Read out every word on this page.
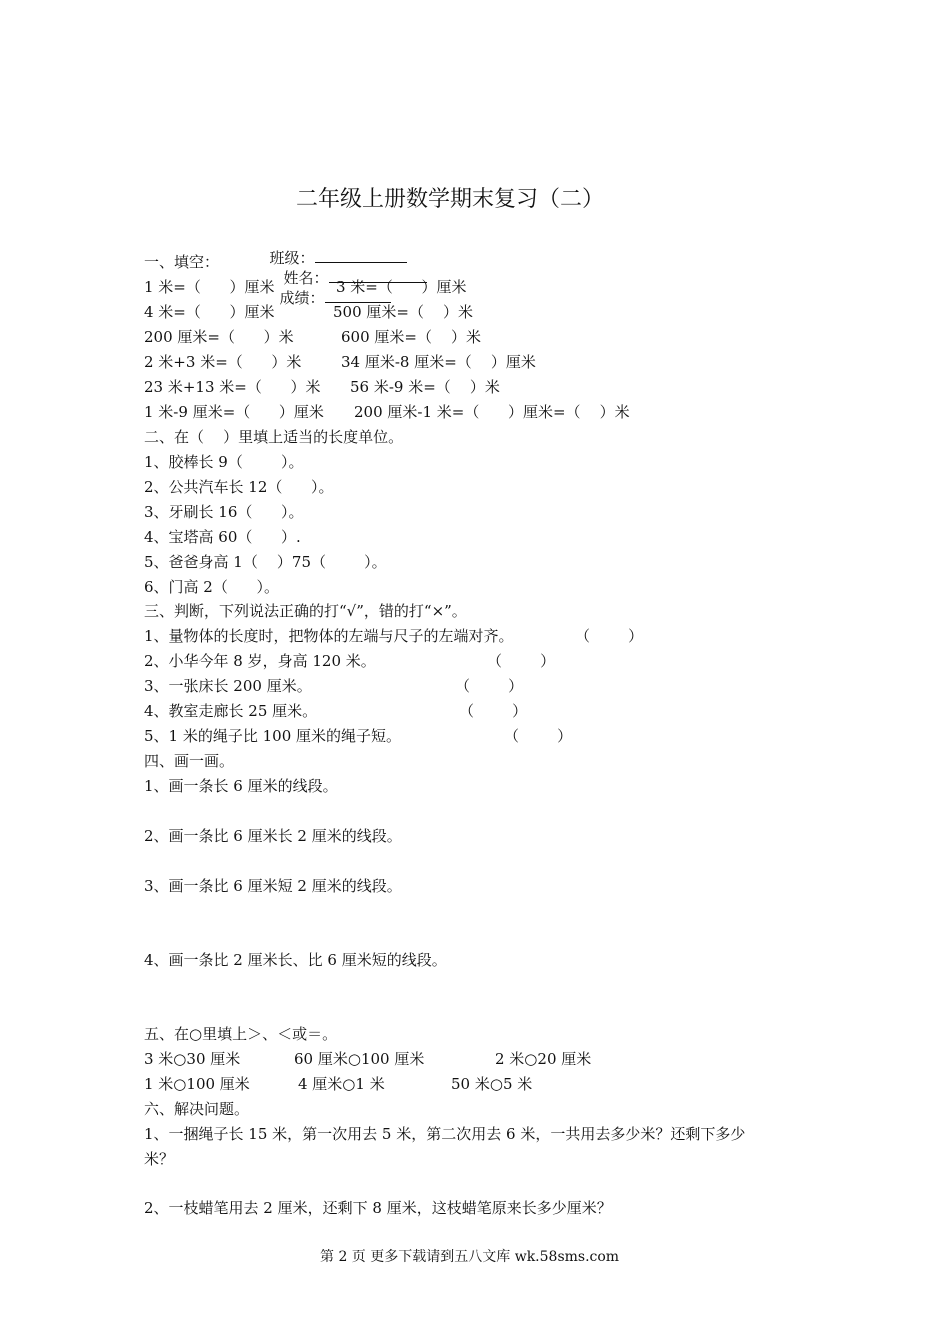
二年级上册数学期末复习（二）

班级：
姓名：
成绩：

一、填空：
1 米=（      ）厘米	3 米=（      ）厘米
4 米=（      ）厘米	500 厘米=（    ）米
200 厘米=（      ）米	600 厘米=（    ）米
2 米+3 米=（      ）米	34 厘米-8 厘米=（    ）厘米
23 米+13 米=（      ）米 56 米-9 米=（    ）米
1 米-9 厘米=（      ）厘米 200 厘米-1 米=（      ）厘米=（    ）米
二、在（    ）里填上适当的长度单位。
1、胶棒长 9（        ）。
2、公共汽车长 12（      ）。
3、牙刷长 16（      ）。
4、宝塔高 60（      ）.
5、爸爸身高 1（    ）75（        ）。
6、门高 2（      ）。
三、判断，下列说法正确的打“√”，错的打“×”。
1、量物体的长度时，把物体的左端与尺子的左端对齐。	（        ）
2、小华今年 8 岁，身高 120 米。	（        ）
3、一张床长 200 厘米。	（        ）
4、教室走廊长 25 厘米。	（        ）
5、1 米的绳子比 100 厘米的绳子短。	（        ）
四、画一画。
1、画一条长 6 厘米的线段。
2、画一条比 6 厘米长 2 厘米的线段。
3、画一条比 6 厘米短 2 厘米的线段。
4、画一条比 2 厘米长、比 6 厘米短的线段。
五、在○里填上＞、＜或＝。
3 米○30 厘米	60 厘米○100 厘米	2 米○20 厘米
1 米○100 厘米	4 厘米○1 米	50 米○5 米
六、解决问题。
1、一捆绳子长 15 米，第一次用去 5 米，第二次用去 6 米，一共用去多少米？还剩下多少
米？
2、一枝蜡笔用去 2 厘米，还剩下 8 厘米，这枝蜡笔原来长多少厘米？
第 2 页 更多下载请到五八文库 wk.58sms.com
